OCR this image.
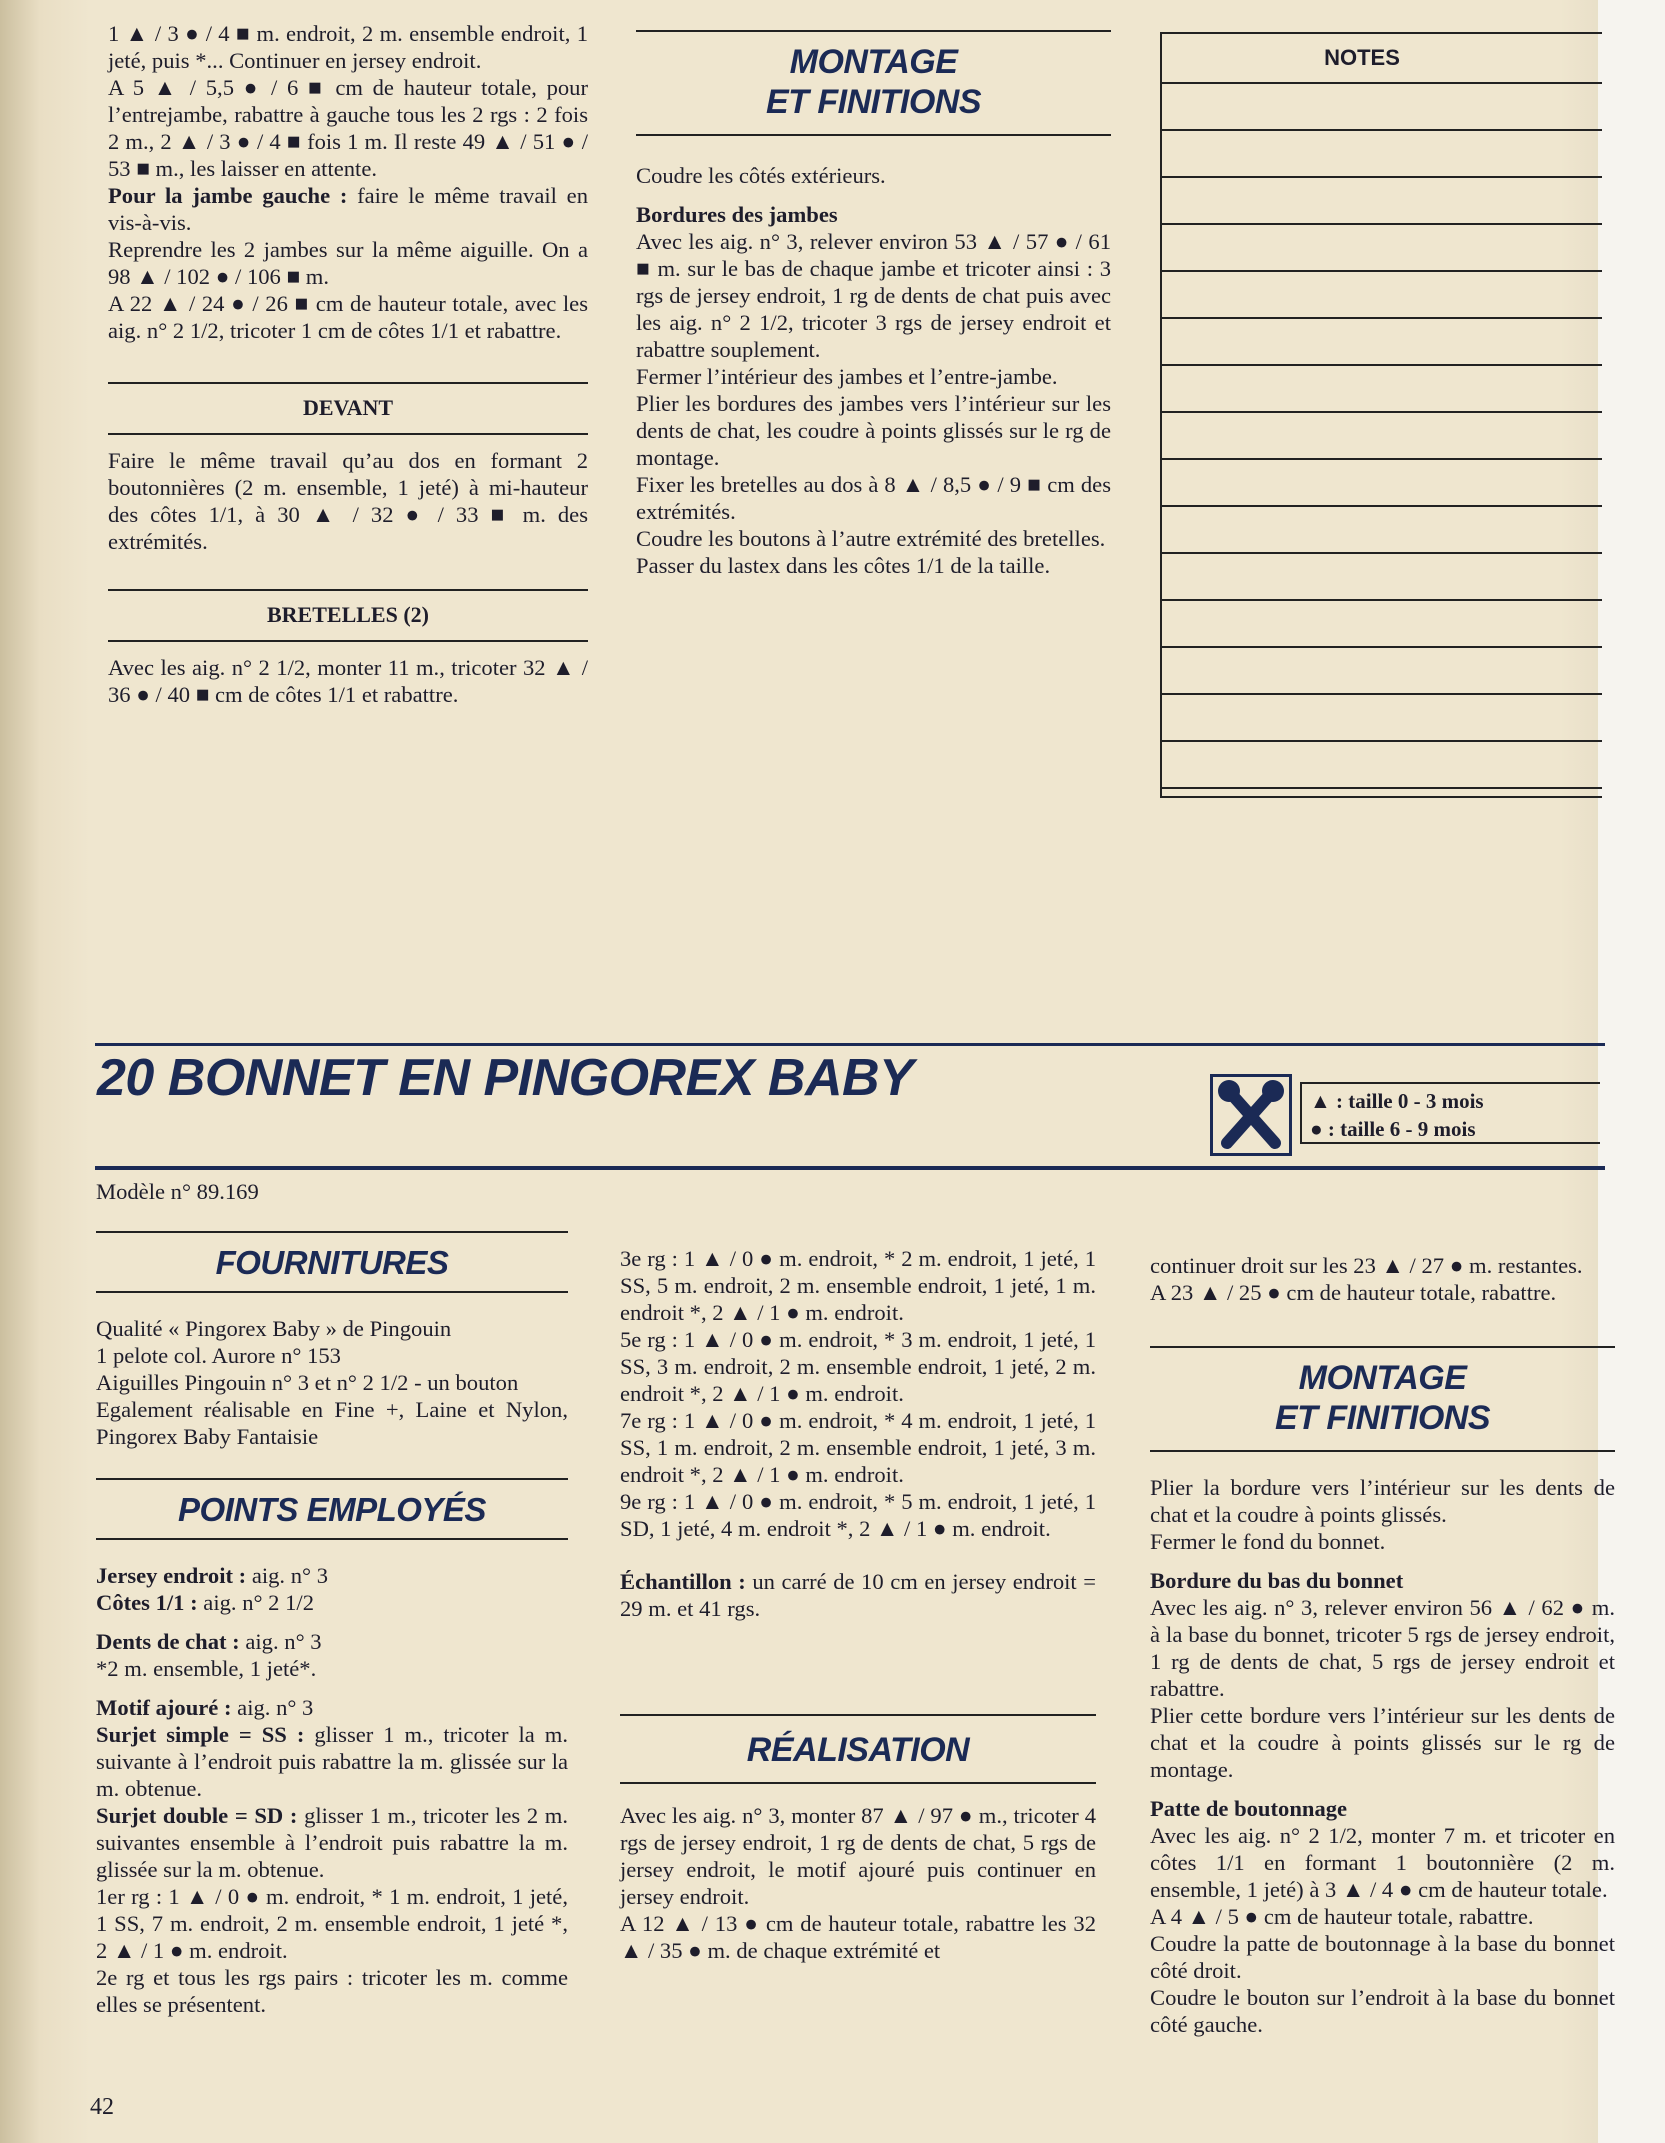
1 ▲ / 3 ● / 4 ■ m. endroit, 2 m. ensemble endroit, 1 jeté, puis *... Continuer en jersey endroit.

A 5 ▲ / 5,5 ● / 6 ■ cm de hauteur totale, pour l’entrejambe, rabattre à gauche tous les 2 rgs : 2 fois 2 m., 2 ▲ / 3 ● / 4 ■ fois 1 m. Il reste 49 ▲ / 51 ● / 53 ■ m., les laisser en attente.

Pour la jambe gauche : faire le même travail en vis-à-vis.

Reprendre les 2 jambes sur la même aiguille. On a 98 ▲ / 102 ● / 106 ■ m.

A 22 ▲ / 24 ● / 26 ■ cm de hauteur totale, avec les aig. n° 2 1/2, tricoter 1 cm de côtes 1/1 et rabattre.

DEVANT

Faire le même travail qu’au dos en formant 2 boutonnières (2 m. ensemble, 1 jeté) à mi-hauteur des côtes 1/1, à 30 ▲ / 32 ● / 33 ■ m. des extrémités.

BRETELLES (2)

Avec les aig. n° 2 1/2, monter 11 m., tricoter 32 ▲ / 36 ● / 40 ■ cm de côtes 1/1 et rabattre.

MONTAGE
ET FINITIONS

Coudre les côtés extérieurs.

Bordures des jambes

Avec les aig. n° 3, relever environ 53 ▲ / 57 ● / 61 ■ m. sur le bas de chaque jambe et tricoter ainsi : 3 rgs de jersey endroit, 1 rg de dents de chat puis avec les aig. n° 2 1/2, tricoter 3 rgs de jersey endroit et rabattre souplement.

Fermer l’intérieur des jambes et l’entre-jambe.

Plier les bordures des jambes vers l’intérieur sur les dents de chat, les coudre à points glissés sur le rg de montage.

Fixer les bretelles au dos à 8 ▲ / 8,5 ● / 9 ■ cm des extrémités.

Coudre les boutons à l’autre extrémité des bretelles.

Passer du lastex dans les côtes 1/1 de la taille.

NOTES
20 BONNET EN PINGOREX BABY	▲ : taille 0 - 3 mois
● : taille 6 - 9 mois

Modèle n° 89.169

FOURNITURES

Qualité « Pingorex Baby » de Pingouin

1 pelote col. Aurore n° 153

Aiguilles Pingouin n° 3 et n° 2 1/2 - un bouton

Egalement réalisable en Fine +, Laine et Nylon, Pingorex Baby Fantaisie

POINTS EMPLOYÉS

Jersey endroit : aig. n° 3

Côtes 1/1 : aig. n° 2 1/2

Dents de chat : aig. n° 3

*2 m. ensemble, 1 jeté*.

Motif ajouré : aig. n° 3

Surjet simple = SS : glisser 1 m., tricoter la m. suivante à l’endroit puis rabattre la m. glissée sur la m. obtenue.

Surjet double = SD : glisser 1 m., tricoter les 2 m. suivantes ensemble à l’endroit puis rabattre la m. glissée sur la m. obtenue.

1er rg : 1 ▲ / 0 ● m. endroit, * 1 m. endroit, 1 jeté, 1 SS, 7 m. endroit, 2 m. ensemble endroit, 1 jeté *, 2 ▲ / 1 ● m. endroit.

2e rg et tous les rgs pairs : tricoter les m. comme elles se présentent.

3e rg : 1 ▲ / 0 ● m. endroit, * 2 m. endroit, 1 jeté, 1 SS, 5 m. endroit, 2 m. ensemble endroit, 1 jeté, 1 m. endroit *, 2 ▲ / 1 ● m. endroit.

5e rg : 1 ▲ / 0 ● m. endroit, * 3 m. endroit, 1 jeté, 1 SS, 3 m. endroit, 2 m. ensemble endroit, 1 jeté, 2 m. endroit *, 2 ▲ / 1 ● m. endroit.

7e rg : 1 ▲ / 0 ● m. endroit, * 4 m. endroit, 1 jeté, 1 SS, 1 m. endroit, 2 m. ensemble endroit, 1 jeté, 3 m. endroit *, 2 ▲ / 1 ● m. endroit.

9e rg : 1 ▲ / 0 ● m. endroit, * 5 m. endroit, 1 jeté, 1 SD, 1 jeté, 4 m. endroit *, 2 ▲ / 1 ● m. endroit.

Échantillon : un carré de 10 cm en jersey endroit = 29 m. et 41 rgs.

RÉALISATION

Avec les aig. n° 3, monter 87 ▲ / 97 ● m., tricoter 4 rgs de jersey endroit, 1 rg de dents de chat, 5 rgs de jersey endroit, le motif ajouré puis continuer en jersey endroit.

A 12 ▲ / 13 ● cm de hauteur totale, rabattre les 32 ▲ / 35 ● m. de chaque extrémité et

continuer droit sur les 23 ▲ / 27 ● m. restantes.

A 23 ▲ / 25 ● cm de hauteur totale, rabattre.

MONTAGE
ET FINITIONS

Plier la bordure vers l’intérieur sur les dents de chat et la coudre à points glissés.

Fermer le fond du bonnet.

Bordure du bas du bonnet

Avec les aig. n° 3, relever environ 56 ▲ / 62 ● m. à la base du bonnet, tricoter 5 rgs de jersey endroit, 1 rg de dents de chat, 5 rgs de jersey endroit et rabattre.

Plier cette bordure vers l’intérieur sur les dents de chat et la coudre à points glissés sur le rg de montage.

Patte de boutonnage

Avec les aig. n° 2 1/2, monter 7 m. et tricoter en côtes 1/1 en formant 1 boutonnière (2 m. ensemble, 1 jeté) à 3 ▲ / 4 ● cm de hauteur totale.

A 4 ▲ / 5 ● cm de hauteur totale, rabattre.

Coudre la patte de boutonnage à la base du bonnet côté droit.

Coudre le bouton sur l’endroit à la base du bonnet côté gauche.

42
